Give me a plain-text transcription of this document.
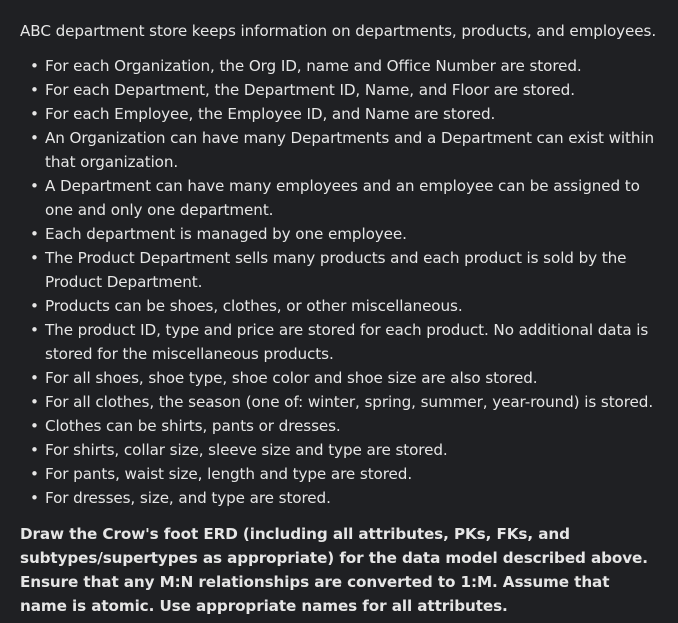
ABC department store keeps information on departments, products, and employees.

• For each Organization, the Org ID, name and Office Number are stored.
• For each Department, the Department ID, Name, and Floor are stored.
• For each Employee, the Employee ID, and Name are stored.
• An Organization can have many Departments and a Department can exist within that organization.
• A Department can have many employees and an employee can be assigned to one and only one department.
• Each department is managed by one employee.
• The Product Department sells many products and each product is sold by the Product Department.
• Products can be shoes, clothes, or other miscellaneous.
• The product ID, type and price are stored for each product. No additional data is stored for the miscellaneous products.
• For all shoes, shoe type, shoe color and shoe size are also stored.
• For all clothes, the season (one of: winter, spring, summer, year-round) is stored.
• Clothes can be shirts, pants or dresses.
• For shirts, collar size, sleeve size and type are stored.
• For pants, waist size, length and type are stored.
• For dresses, size, and type are stored.

Draw the Crow's foot ERD (including all attributes, PKs, FKs, and subtypes/supertypes as appropriate) for the data model described above. Ensure that any M:N relationships are converted to 1:M. Assume that name is atomic. Use appropriate names for all attributes.
